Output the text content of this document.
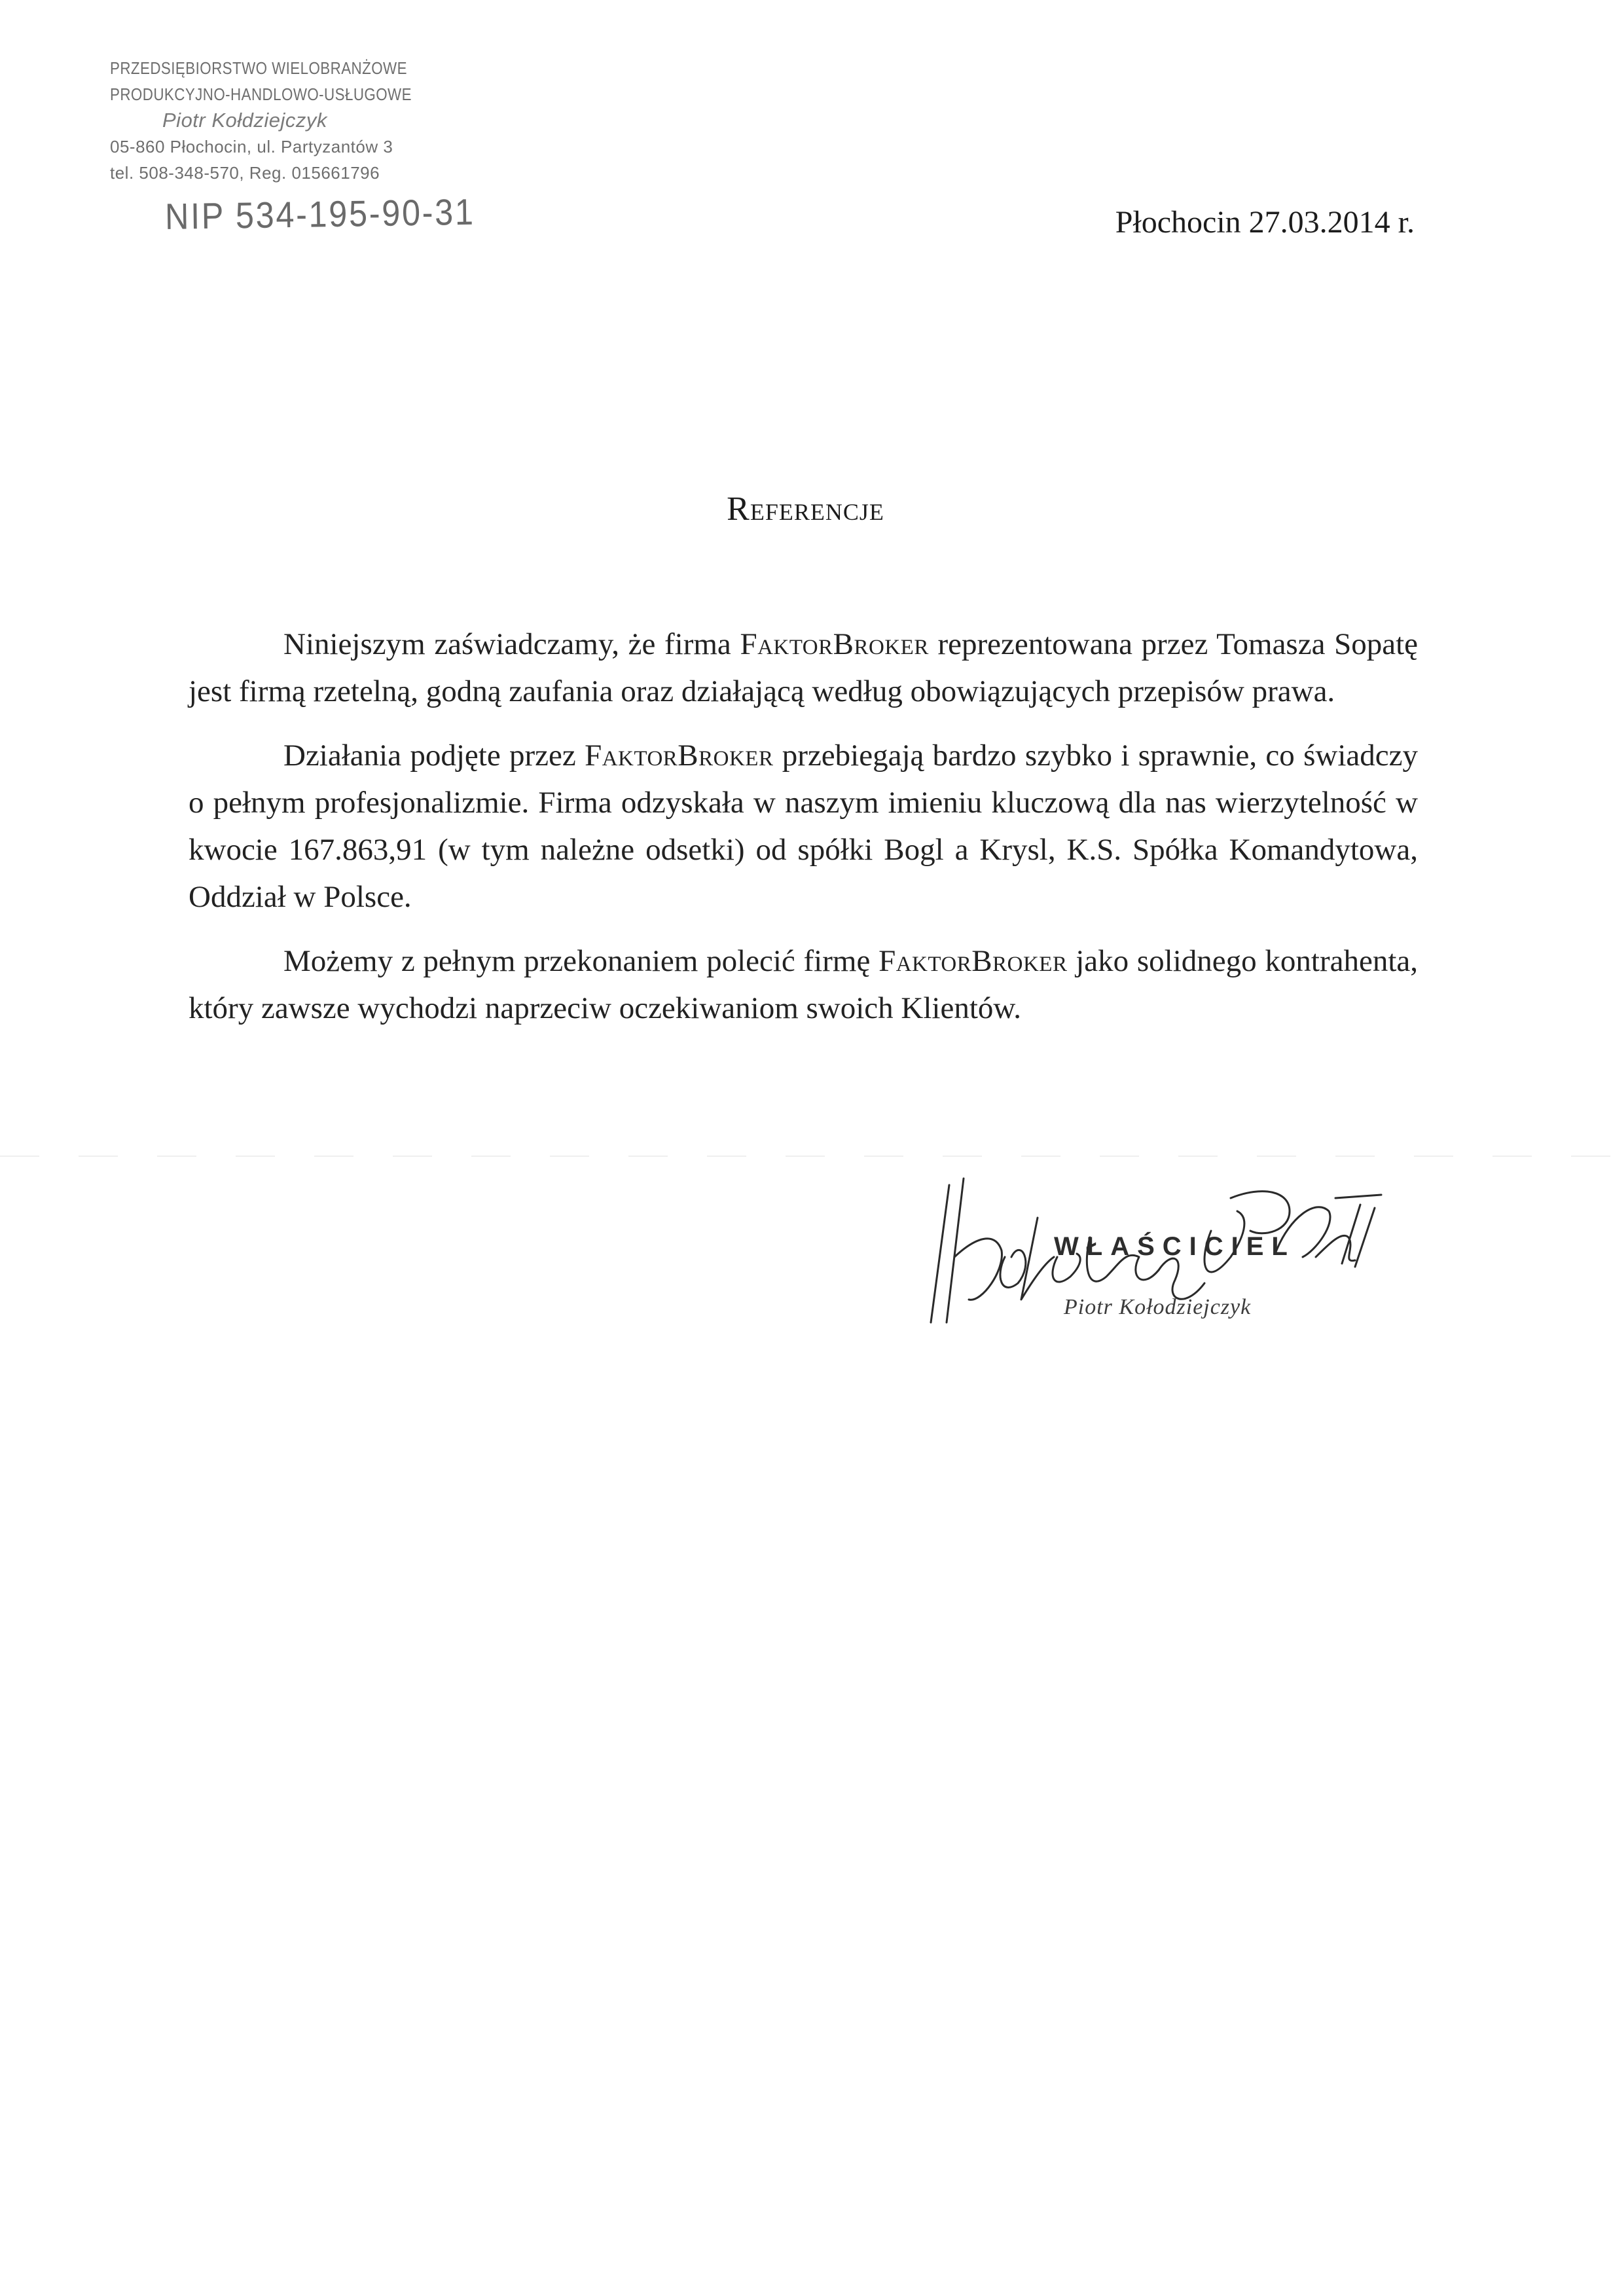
PRZEDSIĘBIORSTWO WIELOBRANŻOWE
PRODUKCYJNO-HANDLOWO-USŁUGOWE
Piotr Kołdziejczyk
05-860 Płochocin, ul. Partyzantów 3
tel. 508-348-570, Reg. 015661796
NIP 534-195-90-31	Płochocin 27.03.2014 r.
Referencje

Niniejszym zaświadczamy, że firma FaktorBroker reprezentowana przez Tomasza Sopatę jest firmą rzetelną, godną zaufania oraz działającą według obowiązujących przepisów prawa.

Działania podjęte przez FaktorBroker przebiegają bardzo szybko i sprawnie, co świadczy o pełnym profesjonalizmie. Firma odzyskała w naszym imieniu kluczową dla nas wierzytelność w kwocie 167.863,91 (w tym należne odsetki) od spółki Bogl a Krysl, K.S. Spółka Komandytowa, Oddział w Polsce.

Możemy z pełnym przekonaniem polecić firmę FaktorBroker jako solidnego kontrahenta, który zawsze wychodzi naprzeciw oczekiwaniom swoich Klientów.

WŁAŚCICIEL
Piotr Kołodziejczyk
